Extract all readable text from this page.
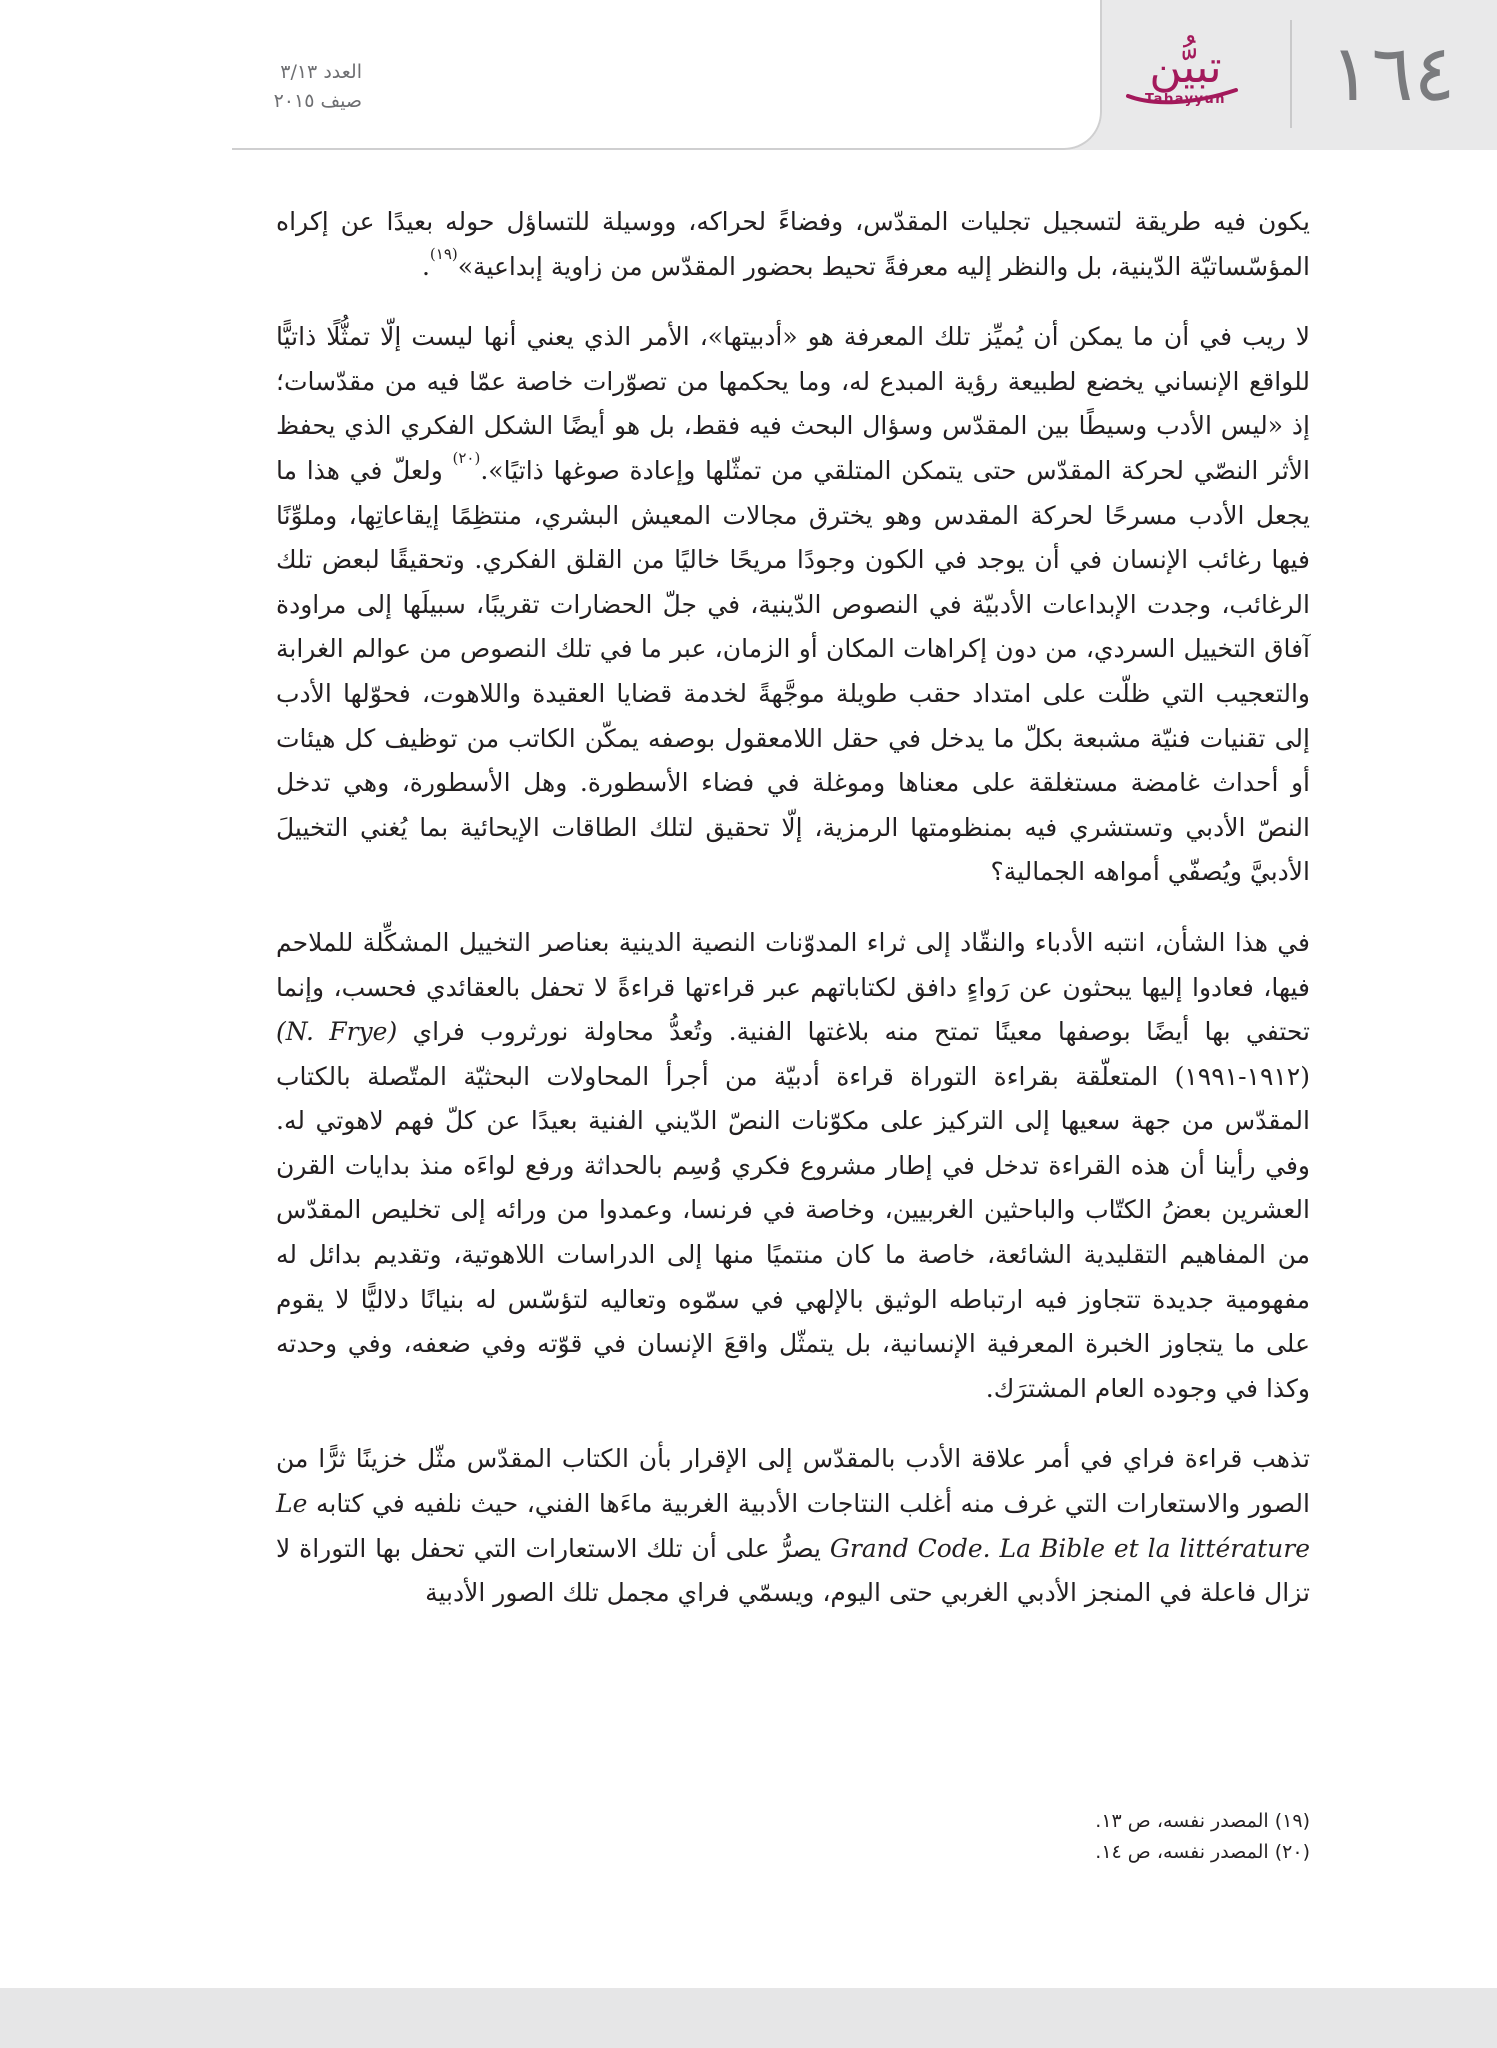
العدد ٣/١٣
صيف ٢٠١٥
تبيُّن
Tabayyun	١٦٤

يكون فيه طريقة لتسجيل تجليات المقدّس، وفضاءً لحراكه، ووسيلة للتساؤل حوله بعيدًا عن إكراه المؤسّساتيّة الدّينية، بل والنظر إليه معرفةً تحيط بحضور المقدّس من زاوية إبداعية»$^{(١٩)}$.

لا ريب في أن ما يمكن أن يُميِّز تلك المعرفة هو «أدبيتها»، الأمر الذي يعني أنها ليست إلّا تمثُّلًا ذاتيًّا للواقع الإنساني يخضع لطبيعة رؤية المبدع له، وما يحكمها من تصوّرات خاصة عمّا فيه من مقدّسات؛ إذ «ليس الأدب وسيطًا بين المقدّس وسؤال البحث فيه فقط، بل هو أيضًا الشكل الفكري الذي يحفظ الأثر النصّي لحركة المقدّس حتى يتمكن المتلقي من تمثّلها وإعادة صوغها ذاتيًا».$^{(٢٠)}$ ولعلّ في هذا ما يجعل الأدب مسرحًا لحركة المقدس وهو يخترق مجالات المعيش البشري، منتظِمًا إيقاعاتِها، وملوِّنًا فيها رغائب الإنسان في أن يوجد في الكون وجودًا مريحًا خاليًا من القلق الفكري. وتحقيقًا لبعض تلك الرغائب، وجدت الإبداعات الأدبيّة في النصوص الدّينية، في جلّ الحضارات تقريبًا، سبيلَها إلى مراودة آفاق التخييل السردي، من دون إكراهات المكان أو الزمان، عبر ما في تلك النصوص من عوالم الغرابة والتعجيب التي ظلّت على امتداد حقب طويلة موجَّهةً لخدمة قضايا العقيدة واللاهوت، فحوّلها الأدب إلى تقنيات فنيّة مشبعة بكلّ ما يدخل في حقل اللامعقول بوصفه يمكّن الكاتب من توظيف كل هيئات أو أحداث غامضة مستغلقة على معناها وموغلة في فضاء الأسطورة. وهل الأسطورة، وهي تدخل النصّ الأدبي وتستشري فيه بمنظومتها الرمزية، إلّا تحقيق لتلك الطاقات الإيحائية بما يُغني التخييلَ الأدبيَّ ويُصفّي أمواهه الجمالية؟

في هذا الشأن، انتبه الأدباء والنقّاد إلى ثراء المدوّنات النصية الدينية بعناصر التخييل المشكِّلة للملاحم فيها، فعادوا إليها يبحثون عن رَواءٍ دافق لكتاباتهم عبر قراءتها قراءةً لا تحفل بالعقائدي فحسب، وإنما تحتفي بها أيضًا بوصفها معينًا تمتح منه بلاغتها الفنية. وتُعدُّ محاولة نورثروب فراي (N. Frye) (١٩١٢-١٩٩١) المتعلّقة بقراءة التوراة قراءة أدبيّة من أجرأ المحاولات البحثيّة المتّصلة بالكتاب المقدّس من جهة سعيها إلى التركيز على مكوّنات النصّ الدّيني الفنية بعيدًا عن كلّ فهم لاهوتي له. وفي رأينا أن هذه القراءة تدخل في إطار مشروع فكري وُسِم بالحداثة ورفع لواءَه منذ بدايات القرن العشرين بعضُ الكتّاب والباحثين الغربيين، وخاصة في فرنسا، وعمدوا من ورائه إلى تخليص المقدّس من المفاهيم التقليدية الشائعة، خاصة ما كان منتميًا منها إلى الدراسات اللاهوتية، وتقديم بدائل له مفهومية جديدة تتجاوز فيه ارتباطه الوثيق بالإلهي في سمّوه وتعاليه لتؤسّس له بنيانًا دلاليًّا لا يقوم على ما يتجاوز الخبرة المعرفية الإنسانية، بل يتمثّل واقعَ الإنسان في قوّته وفي ضعفه، وفي وحدته وكذا في وجوده العام المشترَك.

تذهب قراءة فراي في أمر علاقة الأدب بالمقدّس إلى الإقرار بأن الكتاب المقدّس مثّل خزينًا ثرًّا من الصور والاستعارات التي غرف منه أغلب النتاجات الأدبية الغربية ماءَها الفني، حيث نلفيه في كتابه Le Grand Code. La Bible et la littérature يصرُّ على أن تلك الاستعارات التي تحفل بها التوراة لا تزال فاعلة في المنجز الأدبي الغربي حتى اليوم، ويسمّي فراي مجمل تلك الصور الأدبية

(١٩) المصدر نفسه، ص ١٣.
(٢٠) المصدر نفسه، ص ١٤.
